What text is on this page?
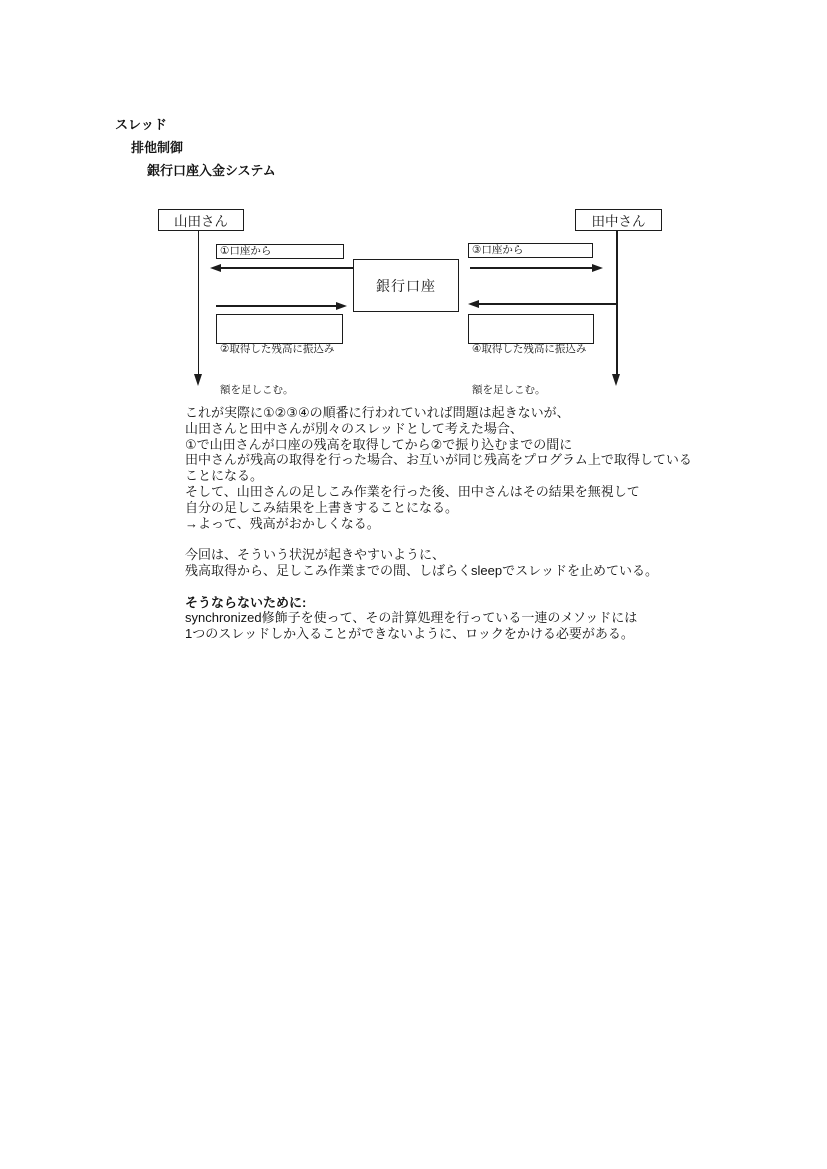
スレッド
排他制御
銀行口座入金システム
山田さん	田中さん
①口座から	③口座から
銀行口座

②取得した残高に振込み

額を足しこむ。

④取得した残高に振込み

額を足しこむ。

これが実際に①②③④の順番に行われていれば問題は起きないが、
山田さんと田中さんが別々のスレッドとして考えた場合、
①で山田さんが口座の残高を取得してから②で振り込むまでの間に
田中さんが残高の取得を行った場合、お互いが同じ残高をプログラム上で取得している
ことになる。
そして、山田さんの足しこみ作業を行った後、田中さんはその結果を無視して
自分の足しこみ結果を上書きすることになる。
→よって、残高がおかしくなる。
今回は、そういう状況が起きやすいように、
残高取得から、足しこみ作業までの間、しばらくsleepでスレッドを止めている。
そうならないために:
synchronized修飾子を使って、その計算処理を行っている一連のメソッドには
1つのスレッドしか入ることができないように、ロックをかける必要がある。
